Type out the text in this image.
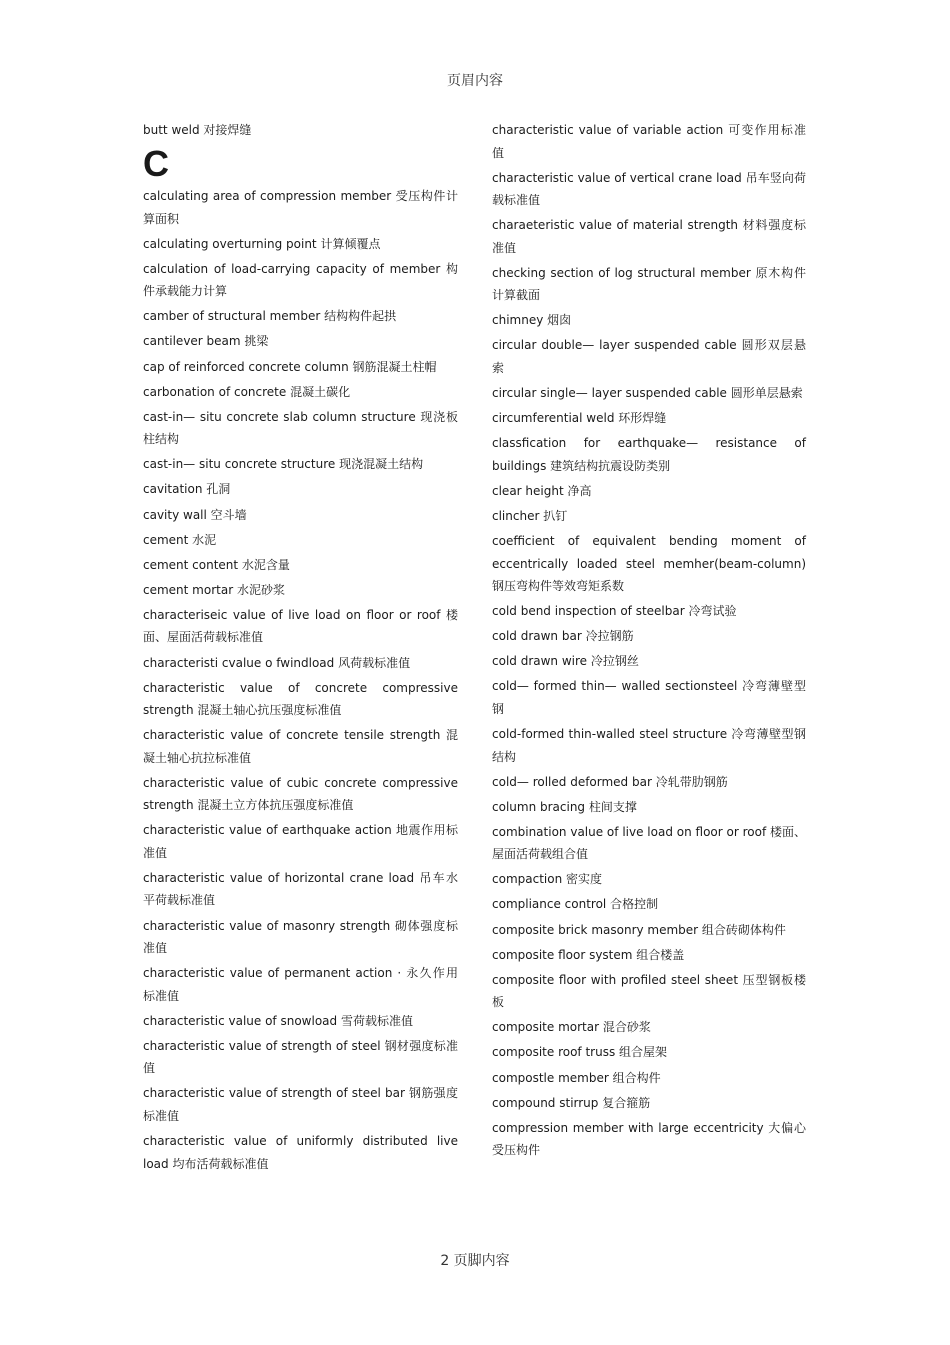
页眉内容
butt weld 对接焊缝
C
calculating area of compression member 受压构件计算面积
calculating overturning point 计算倾覆点
calculation of load-carrying capacity of member 构件承载能力计算
camber of structural member 结构构件起拱
cantilever beam 挑梁
cap of reinforced concrete column 钢筋混凝土柱帽
carbonation of concrete 混凝土碳化
cast-in— situ concrete slab column structure 现浇板柱结构
cast-in— situ concrete structure 现浇混凝土结构
cavitation 孔洞
cavity wall 空斗墙
cement 水泥
cement content 水泥含量
cement mortar 水泥砂浆
characteriseic value of live load on floor or roof 楼面、屋面活荷载标准值
characteristi cvalue o fwindload 风荷载标准值
characteristic value of concrete compressive strength 混凝土轴心抗压强度标准值
characteristic value of concrete tensile strength 混凝土轴心抗拉标准值
characteristic value of cubic concrete compressive strength 混凝土立方体抗压强度标准值
characteristic value of earthquake action 地震作用标准值
characteristic value of horizontal crane load 吊车水平荷载标准值
characteristic value of masonry strength 砌体强度标准值
characteristic value of permanent action · 永久作用标准值
characteristic value of snowload 雪荷载标准值
characteristic value of strength of steel 钢材强度标准值
characteristic value of strength of steel bar 钢筋强度标准值
characteristic value of uniformly distributed live load 均布活荷载标准值
characteristic value of variable action 可变作用标准值
characteristic value of vertical crane load 吊车竖向荷载标准值
charaeteristic value of material strength 材料强度标准值
checking section of log structural member 原木构件计算截面
chimney 烟囱
circular double— layer suspended cable 圆形双层悬索
circular single— layer suspended cable 圆形单层悬索
circumferential weld 环形焊缝
classfication for earthquake— resistance of buildings 建筑结构抗震设防类别
clear height 净高
clincher 扒钉
coefficient of equivalent bending moment of eccentrically loaded steel memher(beam-column) 钢压弯构件等效弯矩系数
cold bend inspection of steelbar 冷弯试验
cold drawn bar 冷拉钢筋
cold drawn wire 冷拉钢丝
cold— formed thin— walled sectionsteel 冷弯薄壁型钢
cold-formed thin-walled steel structure 冷弯薄壁型钢结构
cold— rolled deformed bar 冷轧带肋钢筋
column bracing 柱间支撑
combination value of live load on floor or roof 楼面、屋面活荷载组合值
compaction 密实度
compliance control 合格控制
composite brick masonry member 组合砖砌体构件
composite floor system 组合楼盖
composite floor with profiled steel sheet 压型钢板楼板
composite mortar 混合砂浆
composite roof truss 组合屋架
compostle member 组合构件
compound stirrup 复合箍筋
compression member with large eccentricity 大偏心受压构件
2 页脚内容
